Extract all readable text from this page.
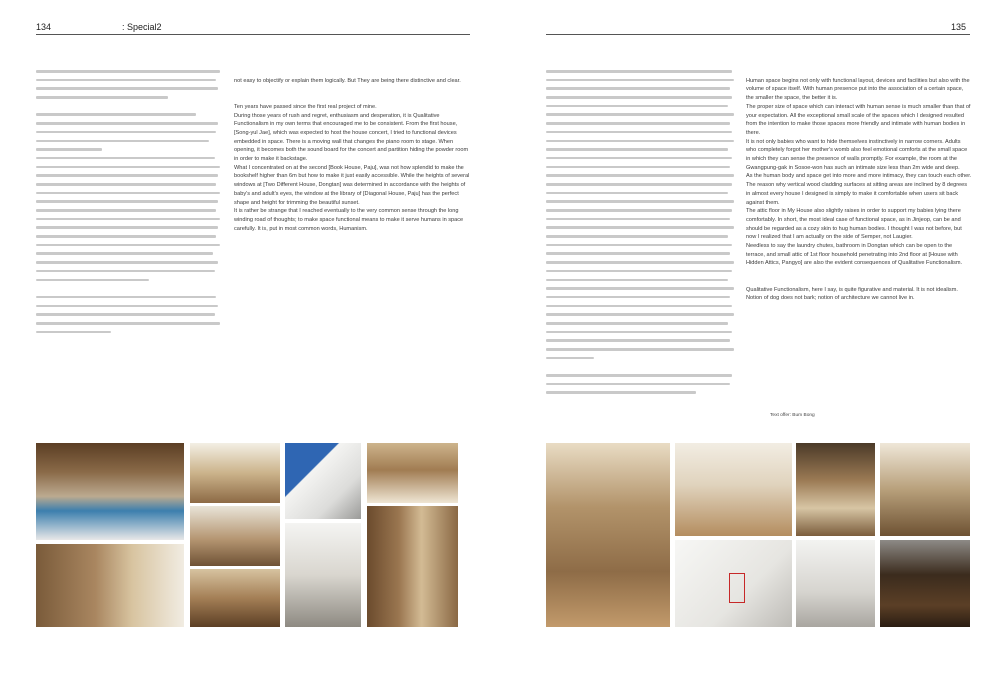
134	: Special2	135

not easy to objectify or explain them logically. But They are being there distinctive and clear.

Ten years have passed since the first real project of mine.
During those years of rush and regret, enthusiasm and desperation, it is Qualitative Functionalism in my own terms that encouraged me to be consistent. From the first house, [Song-yul Jae], which was expected to host the house concert, I tried to functional devices embedded in space. There is a moving wall that changes the piano room to stage. When opening, it becomes both the sound board for the concert and partition hiding the powder room in order to make it backstage.
What I concentrated on at the second [Book House, Paju], was not how splendid to make the bookshelf higher than 6m but how to make it just easily accessible. While the heights of several windows at [Two Different House, Dongtan] was determined in accordance with the heights of baby's and adult's eyes, the window at the library of [Diagonal House, Paju] has the perfect shape and height for trimming the beautiful sunset.
It is rather be strange that I reached eventually to the very common sense through the long winding road of thoughts; to make space functional means to make it serve humans in space carefully. It is, put in most common words, Humanism.

Human space begins not only with functional layout, devices and facilities but also with the volume of space itself. With human presence put into the association of a certain space, the smaller the space, the better it is.
The proper size of space which can interact with human sense is much smaller than that of your expectation. All the exceptional small scale of the spaces which I designed resulted from the intention to make those spaces more friendly and intimate with human bodies in there.
It is not only babies who want to hide themselves instinctively in narrow corners. Adults who completely forgot her mother's womb also feel emotional comforts at the small space in which they can sense the presence of walls promptly. For example, the room at the Gwangpung-gak in Sosoe-won has such an intimate size less than 2m wide and deep.
As the human body and space get into more and more intimacy, they can touch each other. The reason why vertical wood cladding surfaces at sitting areas are inclined by 8 degrees in almost every house I designed is simply to make it comfortable when users sit back against them.
The attic floor in My House also slightly raises in order to support my babies lying there comfortably. In short, the most ideal case of functional space, as in Jinjeop, can be and should be regarded as a cozy skin to hug human bodies. I thought I was not before, but now I realized that I am actually on the side of Semper, not Laugier.
Needless to say the laundry chutes, bathroom in Dongtan which can be open to the terrace, and small attic of 1st floor household penetrating into 2nd floor at [House with Hidden Attics, Pangyo] are also the evident consequences of Qualitative Functionalism.

Qualitative Functionalism, here I say, is quite figurative and material. It is not idealism. Notion of dog does not bark; notion of architecture we cannot live in.

Text offer: Bum Bong
